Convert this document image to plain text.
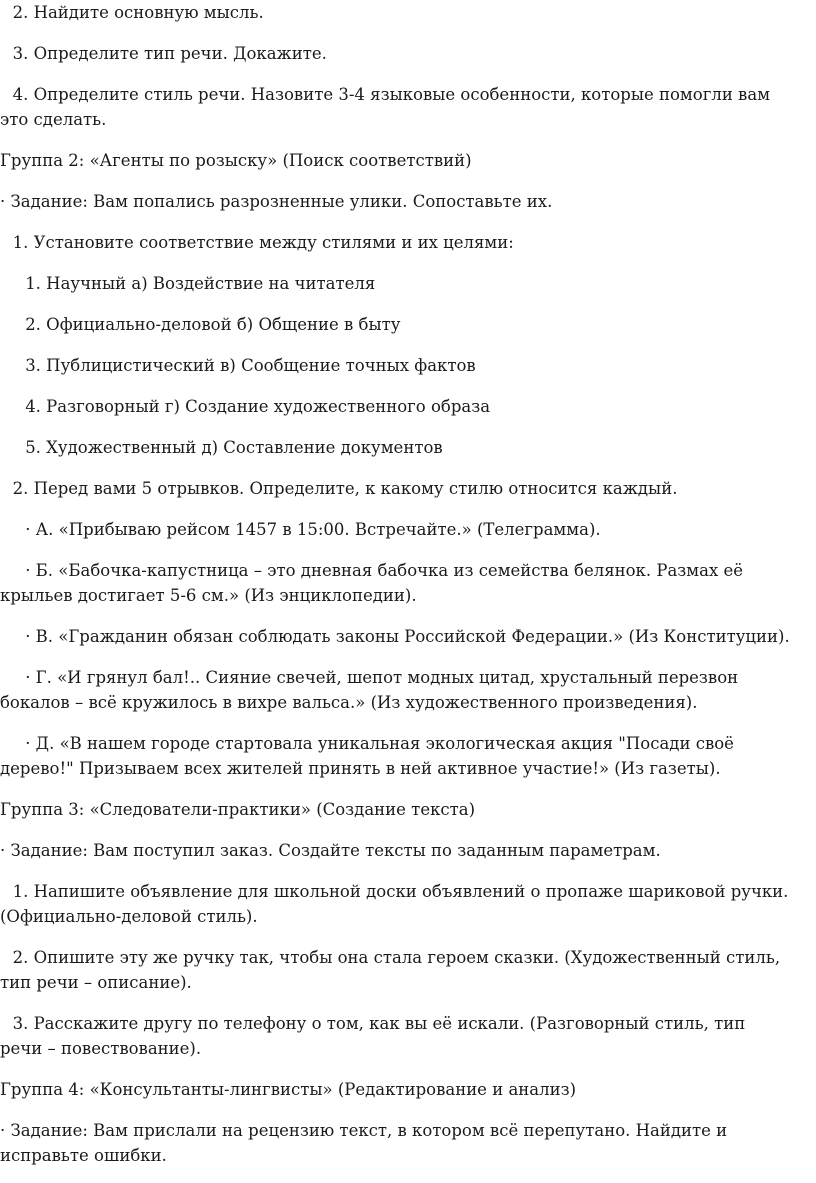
2. Найдите основную мысль.

3. Определите тип речи. Докажите.

4. Определите стиль речи. Назовите 3-4 языковые особенности, которые помогли вам это сделать.

Группа 2: «Агенты по розыску» (Поиск соответствий)

· Задание: Вам попались разрозненные улики. Сопоставьте их.

1. Установите соответствие между стилями и их целями:

1. Научный а) Воздействие на читателя

2. Официально-деловой б) Общение в быту

3. Публицистический в) Сообщение точных фактов

4. Разговорный г) Создание художественного образа

5. Художественный д) Составление документов

2. Перед вами 5 отрывков. Определите, к какому стилю относится каждый.

· А. «Прибываю рейсом 1457 в 15:00. Встречайте.» (Телеграмма).

· Б. «Бабочка-капустница – это дневная бабочка из семейства белянок. Размах её крыльев достигает 5-6 см.» (Из энциклопедии).

· В. «Гражданин обязан соблюдать законы Российской Федерации.» (Из Конституции).

· Г. «И грянул бал!.. Сияние свечей, шепот модных цитад, хрустальный перезвон бокалов – всё кружилось в вихре вальса.» (Из художественного произведения).

· Д. «В нашем городе стартовала уникальная экологическая акция "Посади своё дерево!" Призываем всех жителей принять в ней активное участие!» (Из газеты).

Группа 3: «Следователи-практики» (Создание текста)

· Задание: Вам поступил заказ. Создайте тексты по заданным параметрам.

1. Напишите объявление для школьной доски объявлений о пропаже шариковой ручки. (Официально-деловой стиль).

2. Опишите эту же ручку так, чтобы она стала героем сказки. (Художественный стиль, тип речи – описание).

3. Расскажите другу по телефону о том, как вы её искали. (Разговорный стиль, тип речи – повествование).

Группа 4: «Консультанты-лингвисты» (Редактирование и анализ)

· Задание: Вам прислали на рецензию текст, в котором всё перепутано. Найдите и исправьте ошибки.
